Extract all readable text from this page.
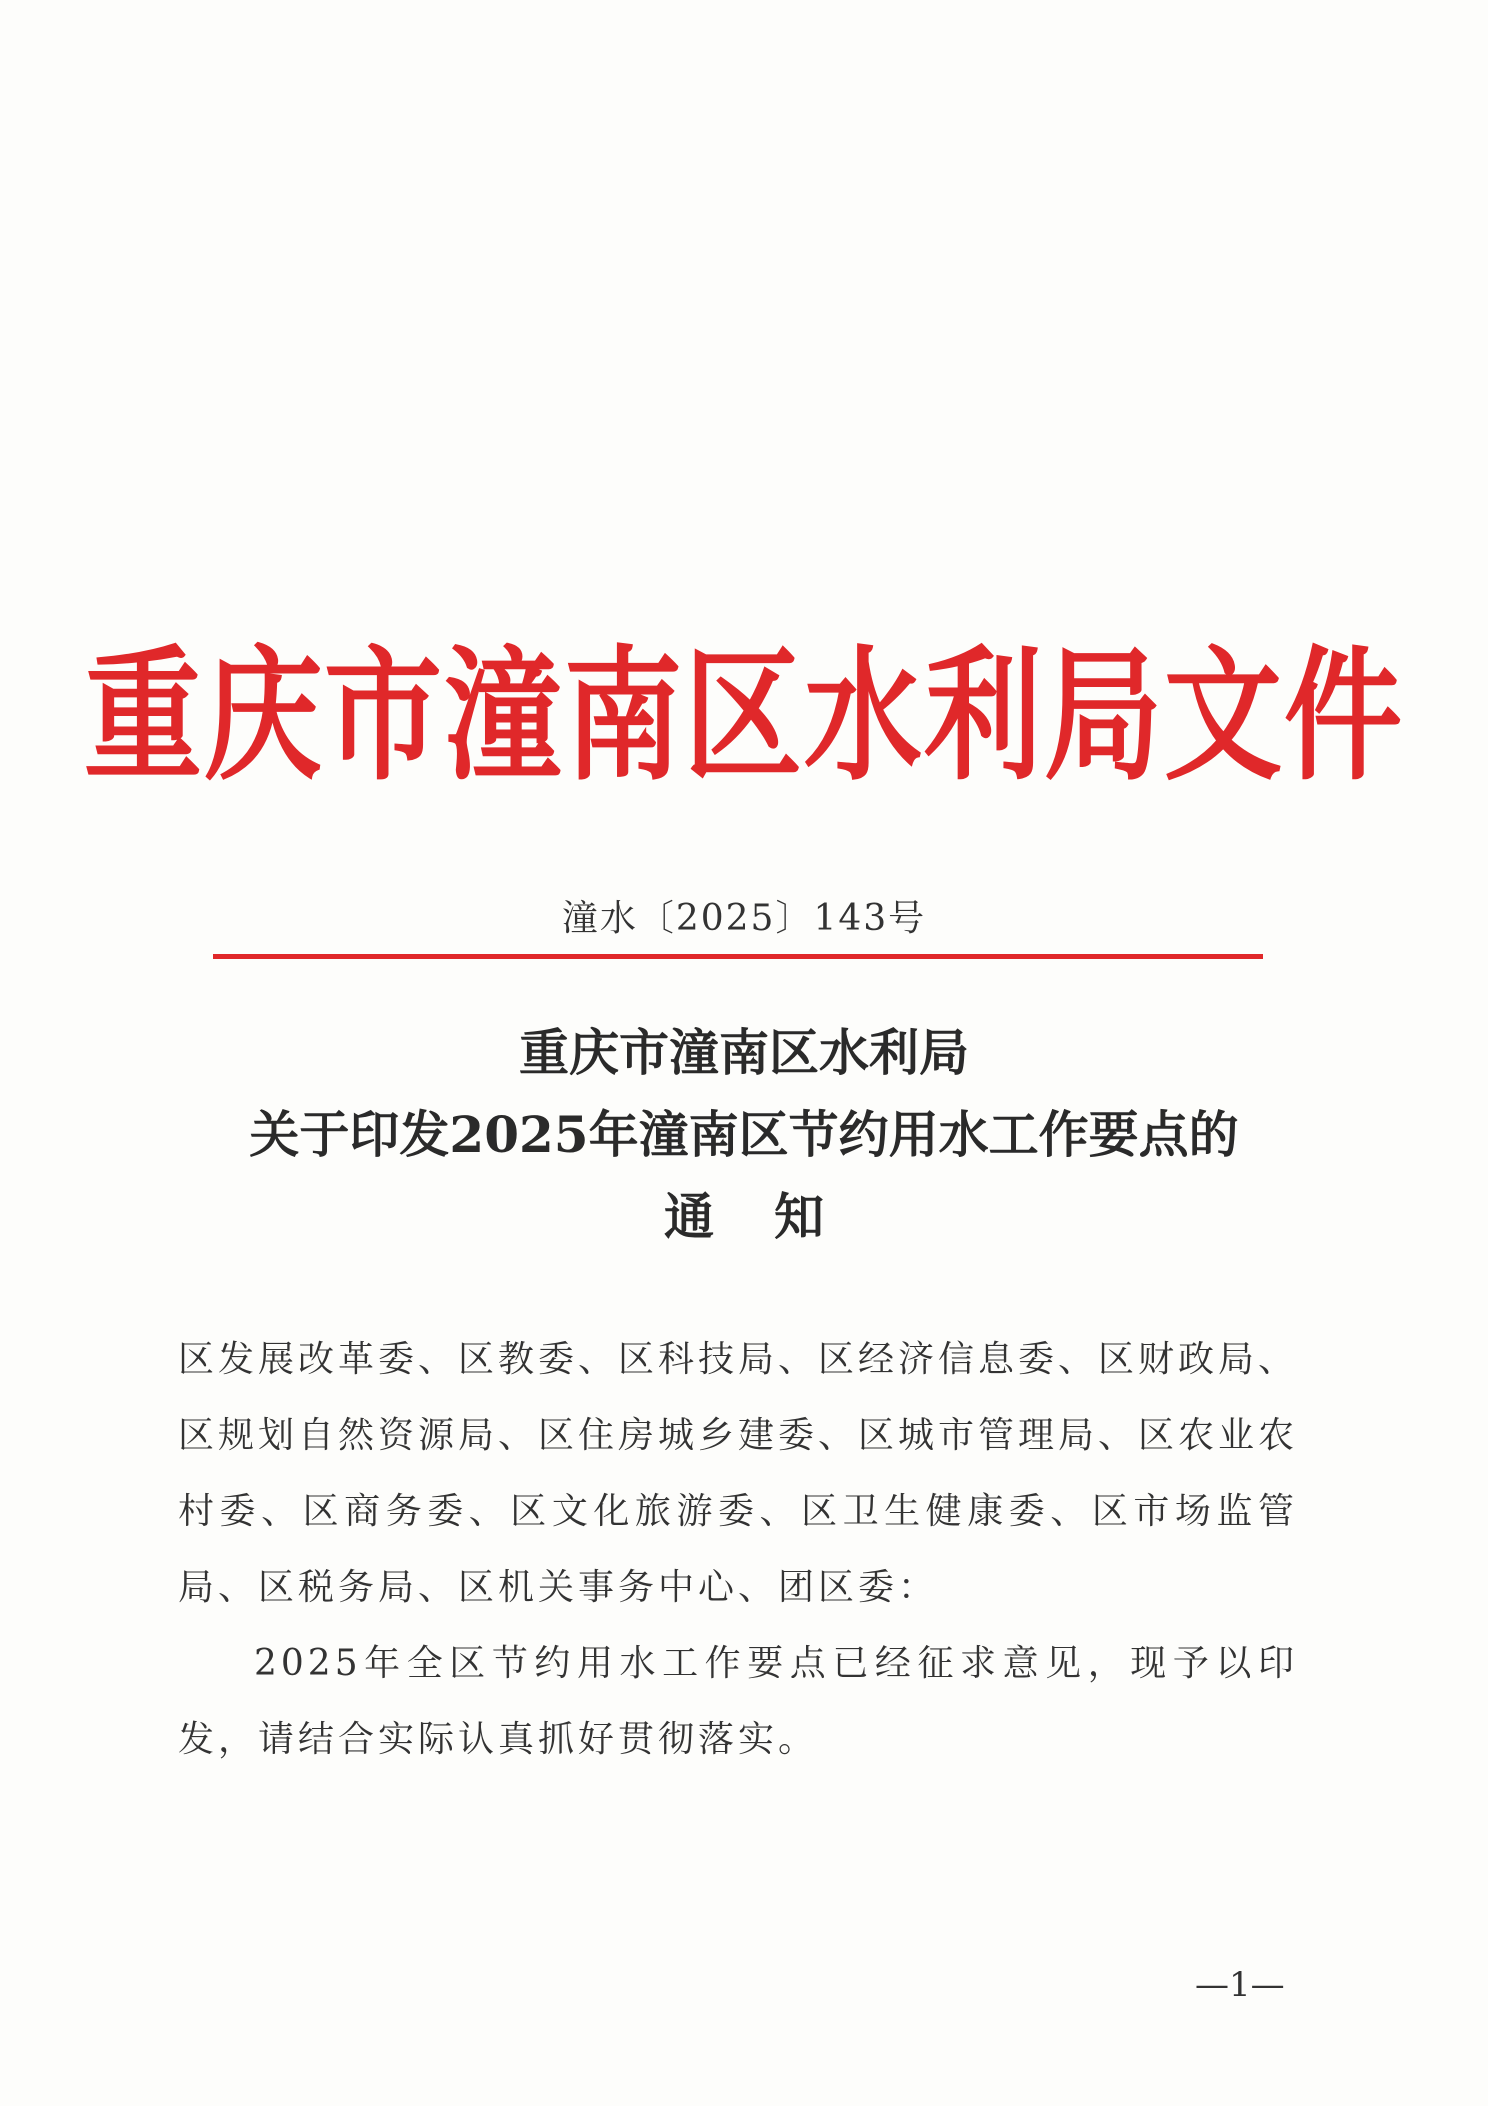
重庆市潼南区水利局文件
潼水〔2025〕143号
重庆市潼南区水利局
关于印发2025年潼南区节约用水工作要点的
通知

区发展改革委、区教委、区科技局、区经济信息委、区财政局、区规划自然资源局、区住房城乡建委、区城市管理局、区农业农村委、区商务委、区文化旅游委、区卫生健康委、区市场监管局、区税务局、区机关事务中心、团区委：

2025年全区节约用水工作要点已经征求意见，现予以印发，请结合实际认真抓好贯彻落实。

—1—
